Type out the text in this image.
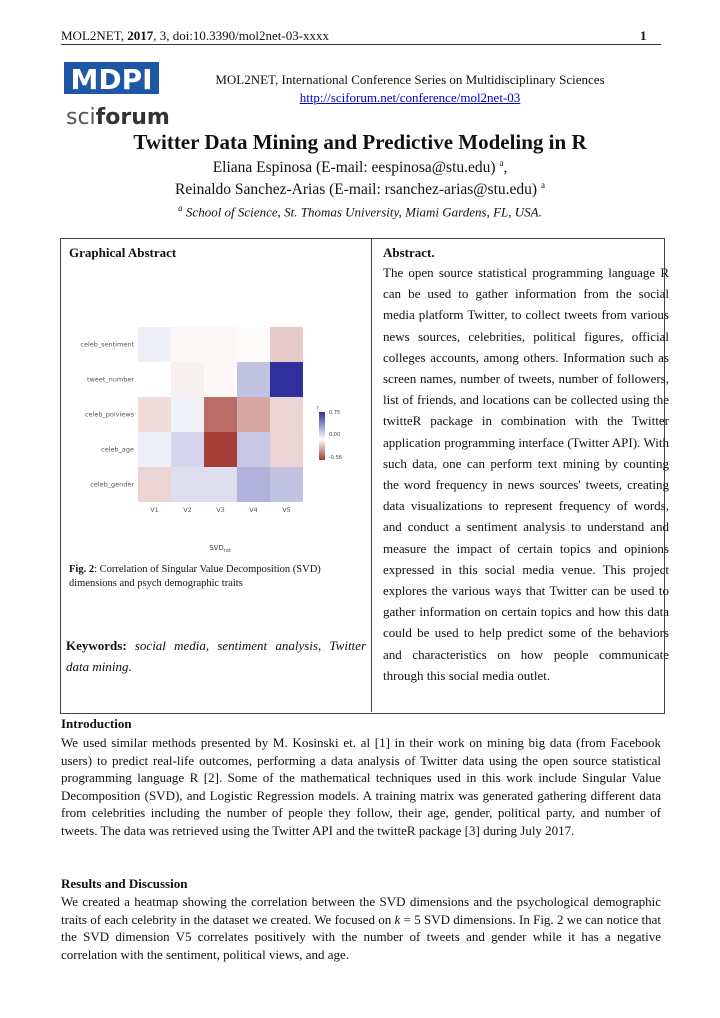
MOL2NET, 2017, 3, doi:10.3390/mol2net-03-xxxx	1
MDPI
sciforum
MOL2NET, International Conference Series on Multidisciplinary Sciences
http://sciforum.net/conference/mol2net-03
Twitter Data Mining and Predictive Modeling in R
Eliana Espinosa (E-mail: eespinosa@stu.edu) $^a$,
Reinaldo Sanchez-Arias (E-mail: rsanchez-arias@stu.edu) $^a$
$^a$ School of Science, St. Thomas University, Miami Gardens, FL, USA.
Graphical Abstract	Abstract.
The open source statistical programming language R can be used to gather information from the social media platform Twitter, to collect tweets from various news sources, celebrities, political figures, official colleges accounts, among others. Information such as screen names, number of tweets, number of followers, list of friends, and locations can be collected using the twitteR package in combination with the Twitter application programming interface (Twitter API). With such data, one can perform text mining by counting the word frequency in news sources' tweets, creating data visualizations to represent frequency of words, and conduct a sentiment analysis to understand and measure the impact of certain topics and opinions expressed in this social media venue. This project explores the various ways that Twitter can be used to gather information on certain topics and how this data could be used to help predict some of the behaviors and characteristics on how people communicate through this social media outlet.
celeb_sentiment
tweet_number
celeb_polviews
celeb_age
celeb_gender
V1	V2	V3	V4	V5
$SVD_{rot}$
r
0.75
0.00
-0.56
Fig. 2: Correlation of Singular Value Decomposition (SVD) dimensions and psych demographic traits
Keywords: social media, sentiment analysis, Twitter data mining.
Introduction
We used similar methods presented by M. Kosinski et. al [1] in their work on mining big data (from Facebook users) to predict real-life outcomes, performing a data analysis of Twitter data using the open source statistical programming language R [2]. Some of the mathematical techniques used in this work include Singular Value Decomposition (SVD), and Logistic Regression models. A training matrix was generated gathering different data from celebrities including the number of people they follow, their age, gender, political party, and number of tweets. The data was retrieved using the Twitter API and the twitteR package [3] during July 2017.
Results and Discussion
We created a heatmap showing the correlation between the SVD dimensions and the psychological demographic traits of each celebrity in the dataset we created. We focused on k = 5 SVD dimensions. In Fig. 2 we can notice that the SVD dimension V5 correlates positively with the number of tweets and gender while it has a negative correlation with the sentiment, political views, and age.
